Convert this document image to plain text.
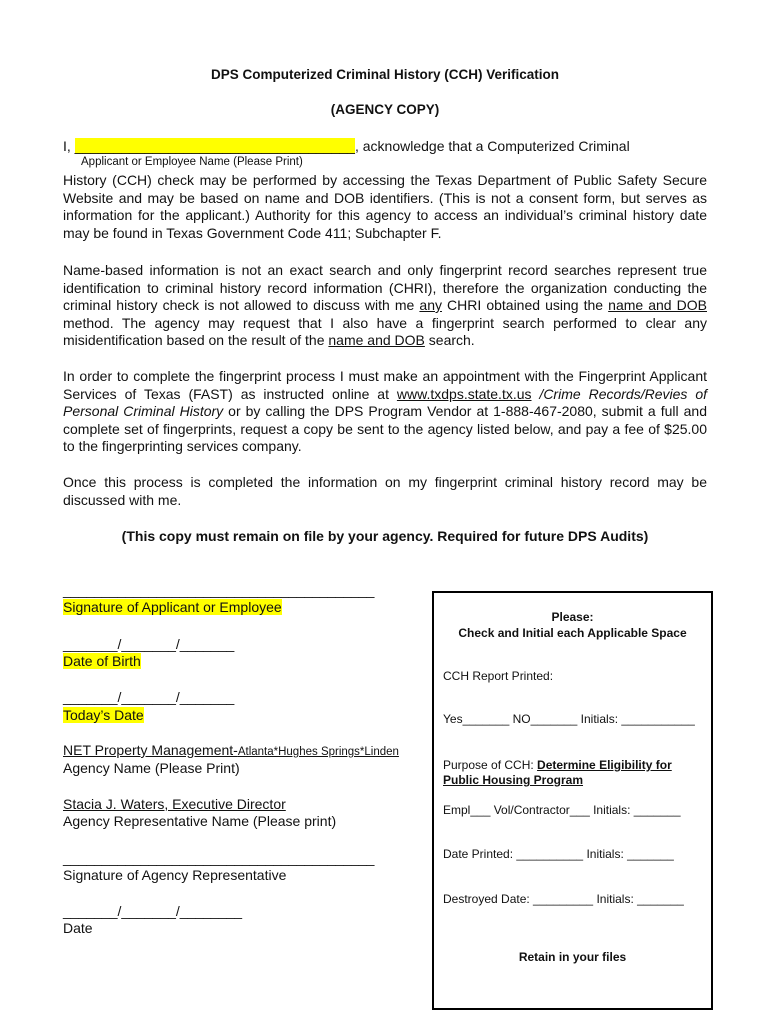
DPS Computerized Criminal History (CCH) Verification
(AGENCY COPY)
I, ____________________________________, acknowledge that a Computerized Criminal
Applicant or Employee Name (Please Print)
History (CCH) check may be performed by accessing the Texas Department of Public Safety Secure Website and may be based on name and DOB identifiers. (This is not a consent form, but serves as information for the applicant.) Authority for this agency to access an individual’s criminal history date may be found in Texas Government Code 411; Subchapter F.
Name-based information is not an exact search and only fingerprint record searches represent true identification to criminal history record information (CHRI), therefore the organization conducting the criminal history check is not allowed to discuss with me any CHRI obtained using the name and DOB method. The agency may request that I also have a fingerprint search performed to clear any misidentification based on the result of the name and DOB search.
In order to complete the fingerprint process I must make an appointment with the Fingerprint Applicant Services of Texas (FAST) as instructed online at www.txdps.state.tx.us /Crime Records/Revies of Personal Criminal History or by calling the DPS Program Vendor at 1-888-467-2080, submit a full and complete set of fingerprints, request a copy be sent to the agency listed below, and pay a fee of $25.00 to the fingerprinting services company.
Once this process is completed the information on my fingerprint criminal history record may be discussed with me.
(This copy must remain on file by your agency. Required for future DPS Audits)
________________________________________
Signature of Applicant or Employee
_______/_______/_______
Date of Birth
_______/_______/_______
Today’s Date
NET Property Management-Atlanta*Hughes Springs*Linden
Agency Name (Please Print)
Stacia J. Waters, Executive Director
Agency Representative Name (Please print)
________________________________________
Signature of Agency Representative
_______/_______/________
Date
Please:
Check and Initial each Applicable Space
CCH Report Printed:
Yes_______ NO_______ Initials: ___________
Purpose of CCH: Determine Eligibility for
Public Housing Program
Empl___ Vol/Contractor___ Initials: _______
Date Printed: __________ Initials: _______
Destroyed Date: _________ Initials: _______
Retain in your files
